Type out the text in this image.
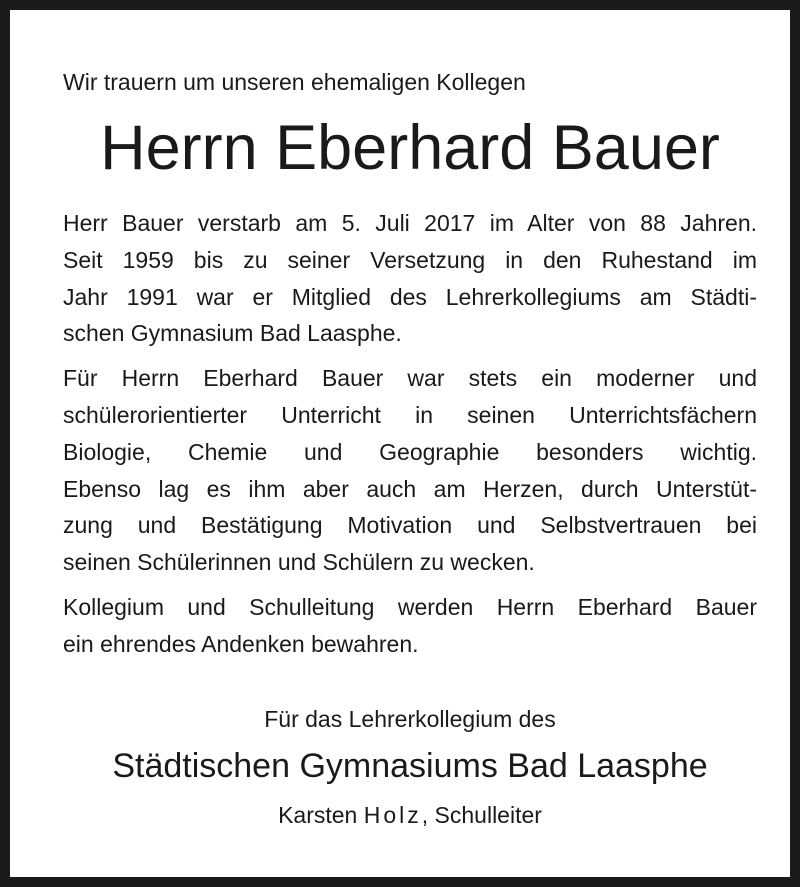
Wir trauern um unseren ehemaligen Kollegen
Herrn Eberhard Bauer

Herr Bauer verstarb am 5. Juli 2017 im Alter von 88 Jahren.
Seit 1959 bis zu seiner Versetzung in den Ruhestand im
Jahr 1991 war er Mitglied des Lehrerkollegiums am Städti-
schen Gymnasium Bad Laasphe.

Für Herrn Eberhard Bauer war stets ein moderner und
schülerorientierter Unterricht in seinen Unterrichtsfächern
Biologie, Chemie und Geographie besonders wichtig.
Ebenso lag es ihm aber auch am Herzen, durch Unterstüt-
zung und Bestätigung Motivation und Selbstvertrauen bei
seinen Schülerinnen und Schülern zu wecken.

Kollegium und Schulleitung werden Herrn Eberhard Bauer
ein ehrendes Andenken bewahren.

Für das Lehrerkollegium des
Städtischen Gymnasiums Bad Laasphe
Karsten Holz, Schulleiter
